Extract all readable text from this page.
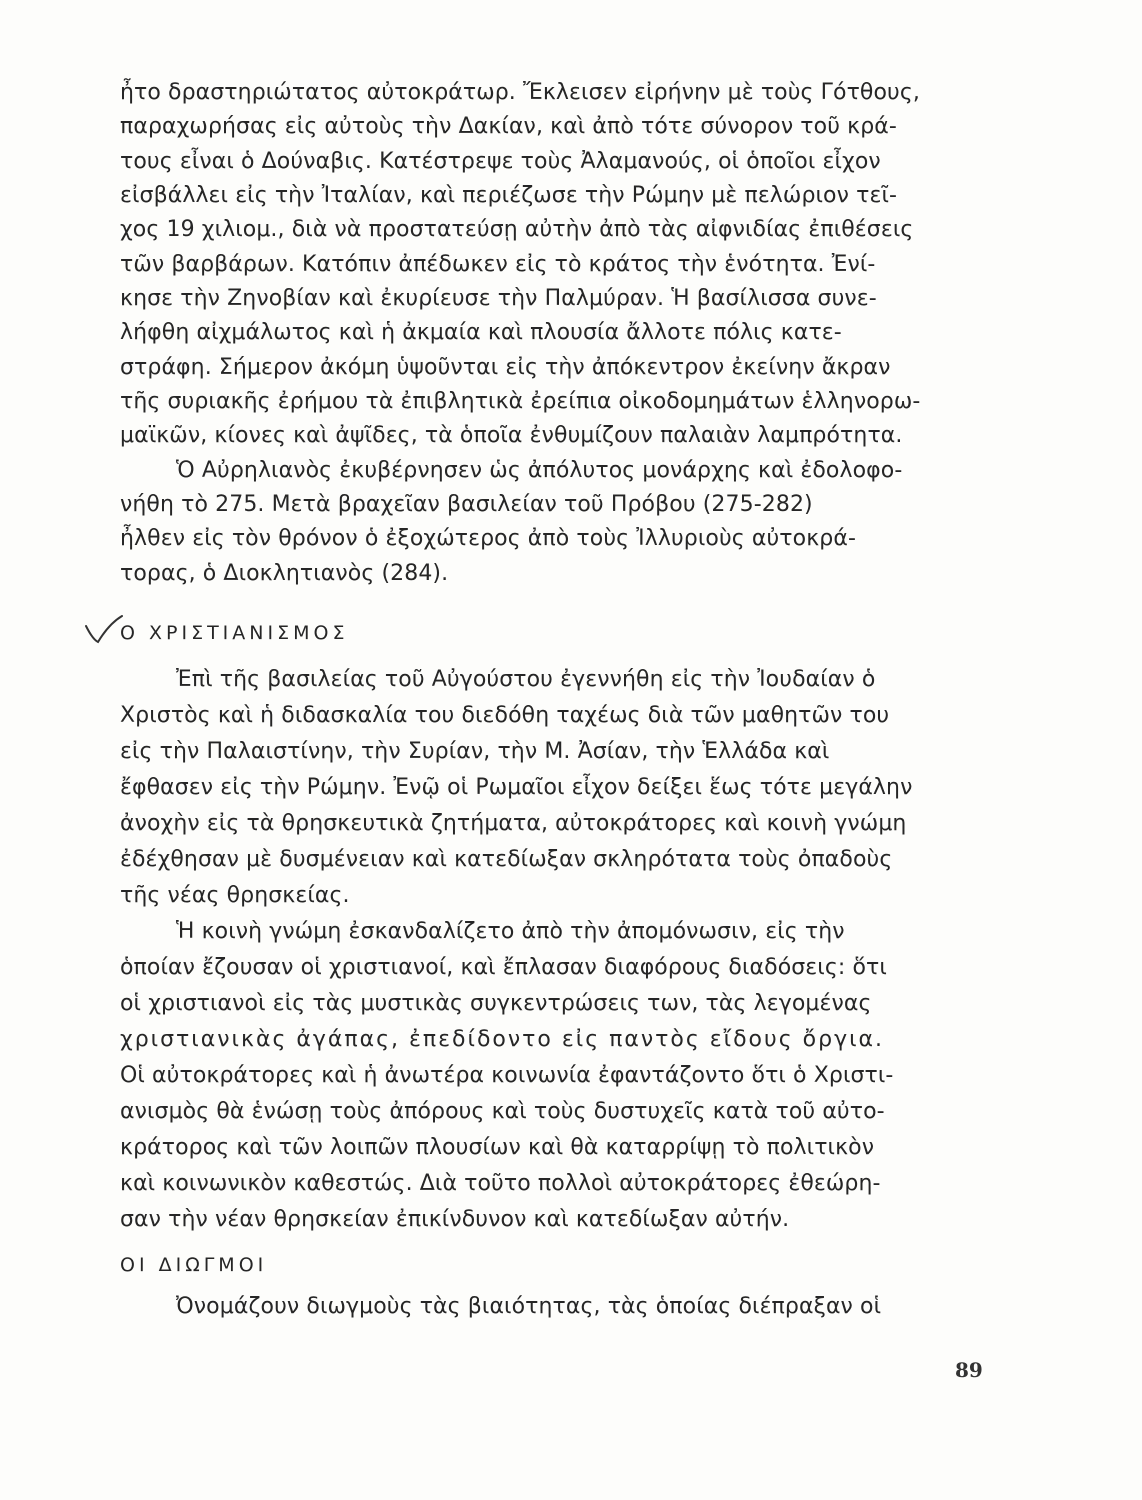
ἦτο δραστηριώτατος αὐτοκράτωρ. Ἔκλεισεν εἰρήνην μὲ τοὺς Γότθους,
παραχωρήσας εἰς αὐτοὺς τὴν Δακίαν, καὶ ἀπὸ τότε σύνορον τοῦ κρά-
τους εἶναι ὁ Δούναβις. Κατέστρεψε τοὺς Ἀλαμανούς, οἱ ὁποῖοι εἶχον
εἰσβάλλει εἰς τὴν Ἰταλίαν, καὶ περιέζωσε τὴν Ρώμην μὲ πελώριον τεῖ-
χος 19 χιλιομ., διὰ νὰ προστατεύσῃ αὐτὴν ἀπὸ τὰς αἰφνιδίας ἐπιθέσεις
τῶν βαρβάρων. Κατόπιν ἀπέδωκεν εἰς τὸ κράτος τὴν ἑνότητα. Ἐνί-
κησε τὴν Ζηνοβίαν καὶ ἐκυρίευσε τὴν Παλμύραν. Ἡ βασίλισσα συνε-
λήφθη αἰχμάλωτος καὶ ἡ ἀκμαία καὶ πλουσία ἄλλοτε πόλις κατε-
στράφη. Σήμερον ἀκόμη ὑψοῦνται εἰς τὴν ἀπόκεντρον ἐκείνην ἄκραν
τῆς συριακῆς ἐρήμου τὰ ἐπιβλητικὰ ἐρείπια οἰκοδομημάτων ἑλληνορω-
μαϊκῶν, κίονες καὶ ἀψῖδες, τὰ ὁποῖα ἐνθυμίζουν παλαιὰν λαμπρότητα.
Ὁ Αὐρηλιανὸς ἐκυβέρνησεν ὡς ἀπόλυτος μονάρχης καὶ ἐδολοφο-
νήθη τὸ 275. Μετὰ βραχεῖαν βασιλείαν τοῦ Πρόβου (275-282)
ἦλθεν εἰς τὸν θρόνον ὁ ἐξοχώτερος ἀπὸ τοὺς Ἰλλυριοὺς αὐτοκρά-
τορας, ὁ Διοκλητιανὸς (284).
Ο ΧΡΙΣΤΙΑΝΙΣΜΟΣ
Ἐπὶ τῆς βασιλείας τοῦ Αὐγούστου ἐγεννήθη εἰς τὴν Ἰουδαίαν ὁ
Χριστὸς καὶ ἡ διδασκαλία του διεδόθη ταχέως διὰ τῶν μαθητῶν του
εἰς τὴν Παλαιστίνην, τὴν Συρίαν, τὴν Μ. Ἀσίαν, τὴν Ἑλλάδα καὶ
ἔφθασεν εἰς τὴν Ρώμην. Ἐνῷ οἱ Ρωμαῖοι εἶχον δείξει ἕως τότε μεγάλην
ἀνοχὴν εἰς τὰ θρησκευτικὰ ζητήματα, αὐτοκράτορες καὶ κοινὴ γνώμη
ἐδέχθησαν μὲ δυσμένειαν καὶ κατεδίωξαν σκληρότατα τοὺς ὀπαδοὺς
τῆς νέας θρησκείας.
Ἡ κοινὴ γνώμη ἐσκανδαλίζετο ἀπὸ τὴν ἀπομόνωσιν, εἰς τὴν
ὁποίαν ἔζουσαν οἱ χριστιανοί, καὶ ἔπλασαν διαφόρους διαδόσεις: ὅτι
οἱ χριστιανοὶ εἰς τὰς μυστικὰς συγκεντρώσεις των, τὰς λεγομένας
χριστιανικὰς ἀγάπας, ἐπεδίδοντο εἰς παντὸς εἴδους ὄργια.
Οἱ αὐτοκράτορες καὶ ἡ ἀνωτέρα κοινωνία ἐφαντάζοντο ὅτι ὁ Χριστι-
ανισμὸς θὰ ἑνώσῃ τοὺς ἀπόρους καὶ τοὺς δυστυχεῖς κατὰ τοῦ αὐτο-
κράτορος καὶ τῶν λοιπῶν πλουσίων καὶ θὰ καταρρίψῃ τὸ πολιτικὸν
καὶ κοινωνικὸν καθεστώς. Διὰ τοῦτο πολλοὶ αὐτοκράτορες ἐθεώρη-
σαν τὴν νέαν θρησκείαν ἐπικίνδυνον καὶ κατεδίωξαν αὐτήν.
ΟΙ ΔΙΩΓΜΟΙ
Ὀνομάζουν διωγμοὺς τὰς βιαιότητας, τὰς ὁποίας διέπραξαν οἱ
89
